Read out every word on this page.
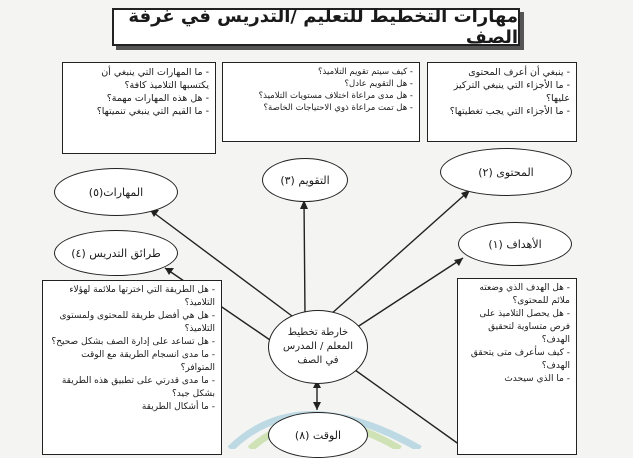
مهارات التخطيط للتعليم /التدريس في غرفة الصف
- ما المهارات التي ينبغي أن يكتسبها التلاميذ كافة؟
- هل هذه المهارات مهمة؟
- ما القيم التي ينبغي تنميتها؟
- كيف سيتم تقويم التلاميذ؟
- هل التقويم عادل؟
- هل مدى مراعاة اختلاف مستويات التلاميذ؟
- هل تمت مراعاة ذوي الاحتياجات الخاصة؟
- ينبغي أن أعرف المحتوى
- ما الأجزاء التي ينبغي التركيز عليها؟
- ما الأجزاء التي يجب تغطيتها؟
المهارات(٥)
التقويم (٣)
المحتوى (٢)
طرائق التدريس (٤)
الأهداف (١)
الوقت (٨)
خارطة تخطيط المعلم / المدرس في الصف
- هل الطريقة التي اخترتها ملائمة لهؤلاء التلاميذ؟
- هل هي أفضل طريقة للمحتوى ولمستوى التلاميذ؟
- هل تساعد على إدارة الصف بشكل صحيح؟
- ما مدى انسجام الطريقة مع الوقت المتوافر؟
- ما مدى قدرتي على تطبيق هذه الطريقة بشكل جيد؟
- ما أشكال الطريقة
- هل الهدف الذي وضعته ملائم للمحتوى؟
- هل يحصل التلاميذ على فرص متساوية لتحقيق الهدف؟
- كيف سأعرف متى يتحقق الهدف؟
- ما الذي سيحدث
